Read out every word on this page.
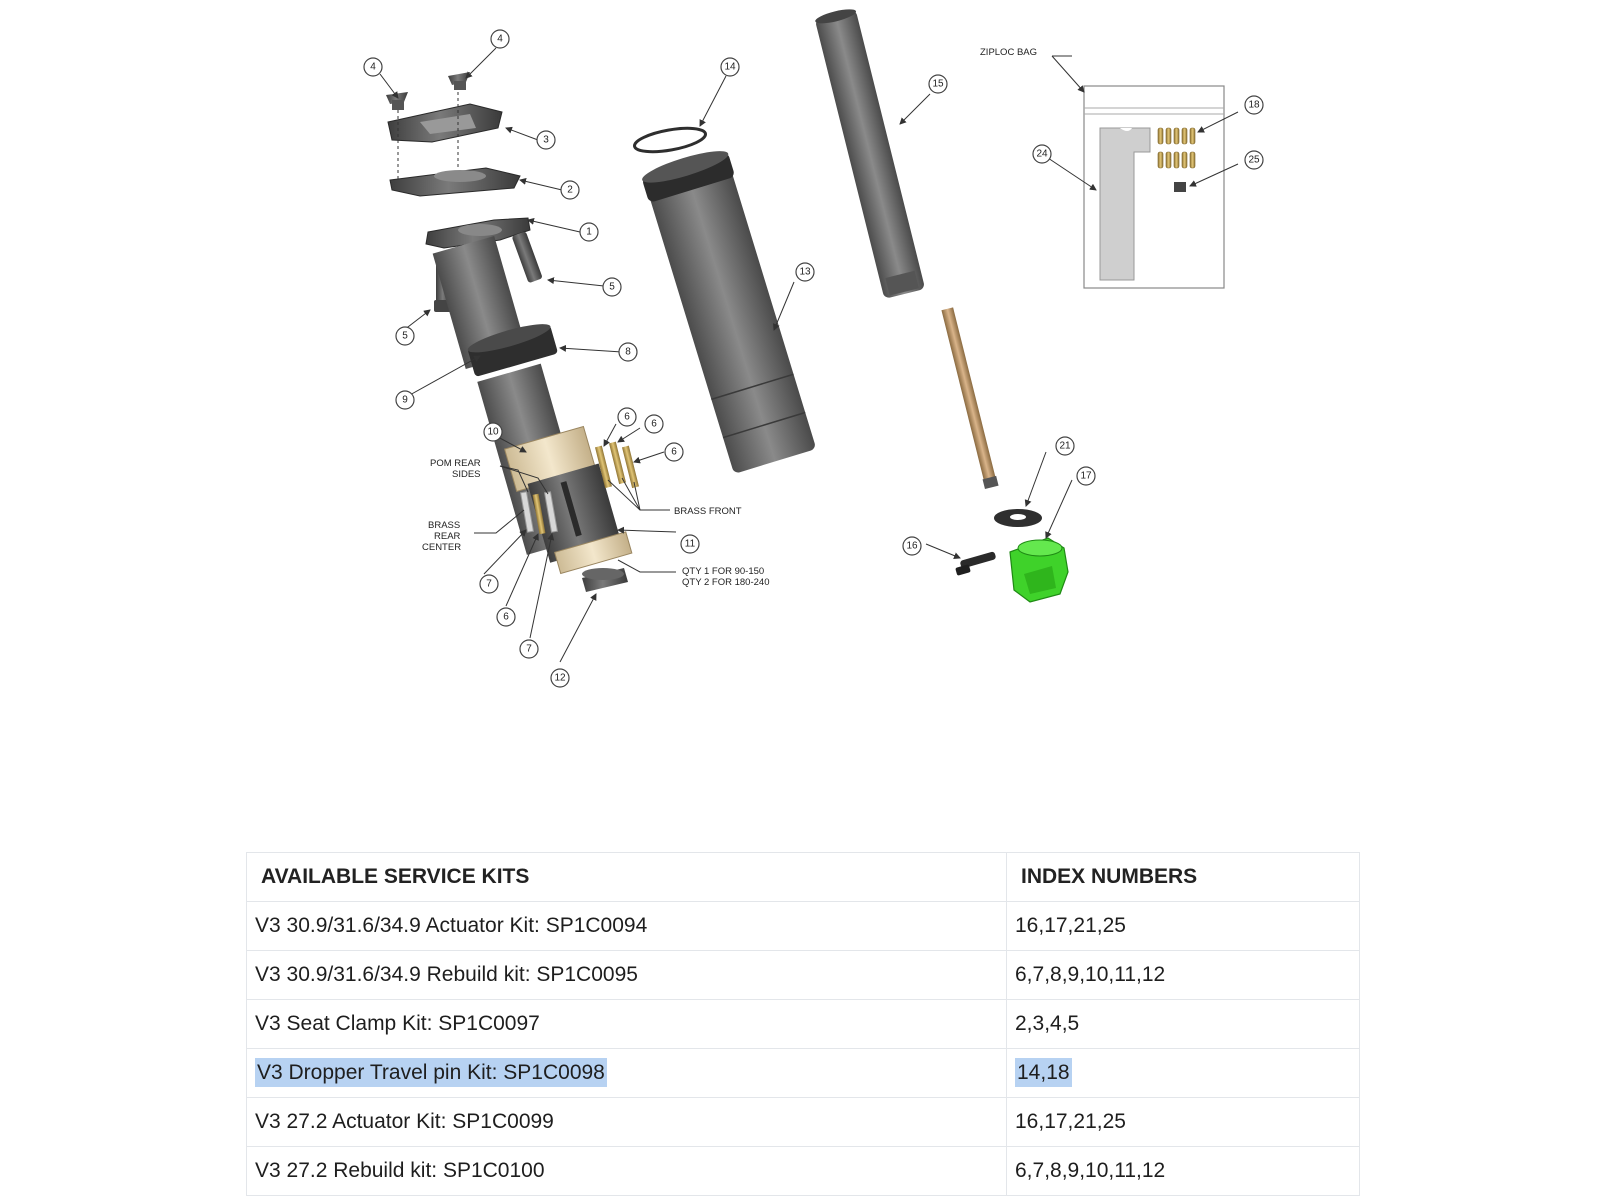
4
4
14
15
3
2
1
5
5
8
9
13
18
24
25
10
6
6
6
11
7
6
7
12
21
17
16
ZIPLOC BAG
POM REAR
SIDES
BRASS
REAR
CENTER
BRASS FRONT
QTY 1 FOR 90-150
QTY 2 FOR 180-240
AVAILABLE SERVICE KITS	INDEX NUMBERS
V3 30.9/31.6/34.9 Actuator Kit: SP1C0094	16,17,21,25
V3 30.9/31.6/34.9 Rebuild kit: SP1C0095	6,7,8,9,10,11,12
V3 Seat Clamp Kit: SP1C0097	2,3,4,5
V3 Dropper Travel pin Kit: SP1C0098	14,18
V3 27.2 Actuator Kit: SP1C0099	16,17,21,25
V3 27.2 Rebuild kit: SP1C0100	6,7,8,9,10,11,12
